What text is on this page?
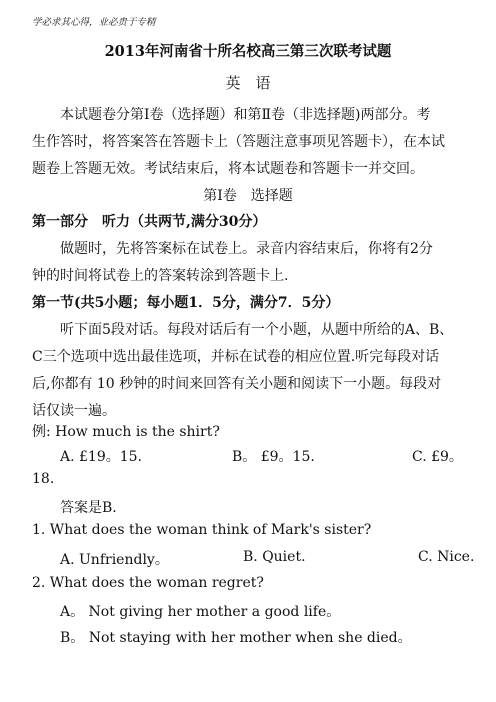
学必求其心得，业必贵于专精
2013年河南省十所名校高三第三次联考试题
英　语
本试题卷分第Ⅰ卷（选择题）和第Ⅱ卷（非选择题)两部分。考
生作答时，将答案答在答题卡上（答题注意事项见答题卡），在本试
题卷上答题无效。考试结束后，将本试题卷和答题卡一并交回。
第Ⅰ卷　选择题
第一部分　听力（共两节,满分30分）
做题时，先将答案标在试卷上。录音内容结束后，你将有2分
钟的时间将试卷上的答案转涂到答题卡上.
第一节(共5小题；每小题1．5分，满分7．5分）
听下面5段对话。每段对话后有一个小题，从题中所给的A、B、
C三个选项中选出最佳选项，并标在试卷的相应位置.听完每段对话
后,你都有 10 秒钟的时间来回答有关小题和阅读下一小题。每段对
话仅读一遍。
例: How much is the shirt?
A. £19。15.	B。 £9。15.	C. £9。
18.
答案是B.
1. What does the woman think of Mark's sister?
A. Unfriendly。	B. Quiet.	C. Nice.
2. What does the woman regret?
A。 Not giving her mother a good life。
B。 Not staying with her mother when she died。
